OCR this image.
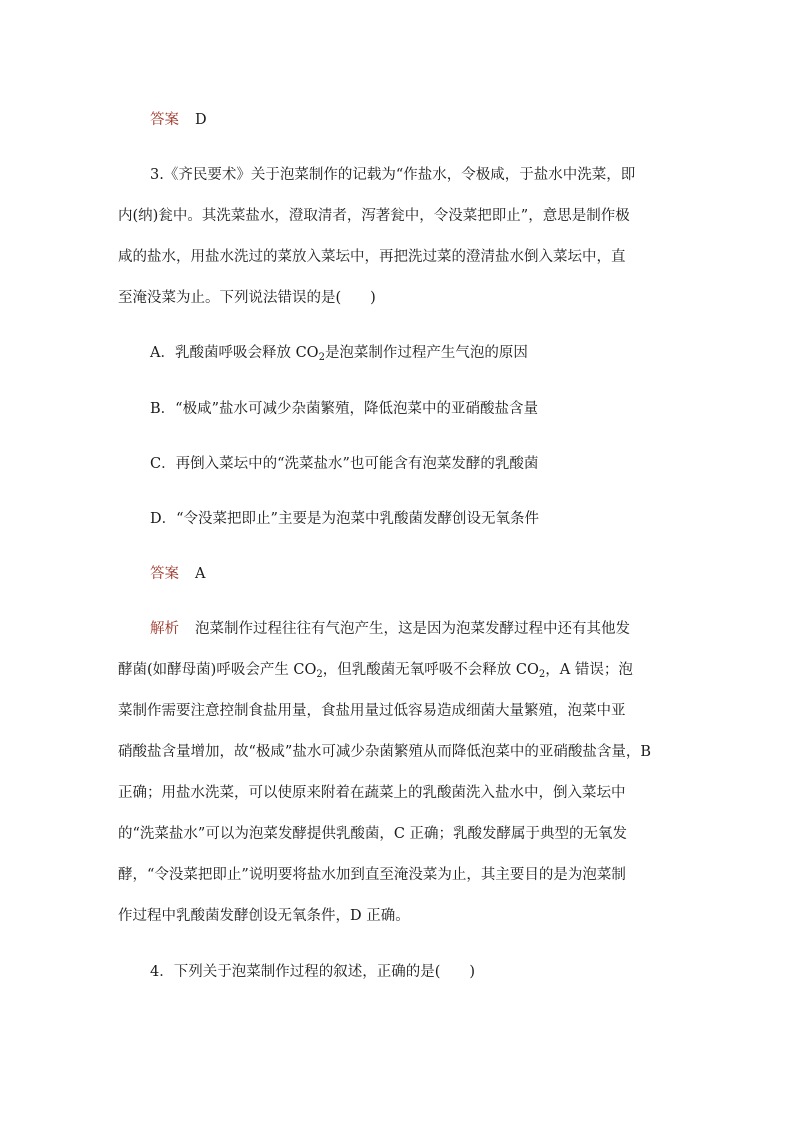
答案 D
3.《齐民要术》关于泡菜制作的记载为“作盐水，令极咸，于盐水中洗菜，即
内(纳)瓮中。其洗菜盐水，澄取清者，泻著瓮中，令没菜把即止”，意思是制作极
咸的盐水，用盐水洗过的菜放入菜坛中，再把洗过菜的澄清盐水倒入菜坛中，直
至淹没菜为止。下列说法错误的是(　　)
A．乳酸菌呼吸会释放 $CO_2$是泡菜制作过程产生气泡的原因
B．“极咸”盐水可减少杂菌繁殖，降低泡菜中的亚硝酸盐含量
C．再倒入菜坛中的“洗菜盐水”也可能含有泡菜发酵的乳酸菌
D．“令没菜把即止”主要是为泡菜中乳酸菌发酵创设无氧条件
答案 A
解析 泡菜制作过程往往有气泡产生，这是因为泡菜发酵过程中还有其他发
酵菌(如酵母菌)呼吸会产生 $CO_2$，但乳酸菌无氧呼吸不会释放 $CO_2$，A 错误；泡
菜制作需要注意控制食盐用量，食盐用量过低容易造成细菌大量繁殖，泡菜中亚
硝酸盐含量增加，故“极咸”盐水可减少杂菌繁殖从而降低泡菜中的亚硝酸盐含量，B
正确；用盐水洗菜，可以使原来附着在蔬菜上的乳酸菌洗入盐水中，倒入菜坛中
的“洗菜盐水”可以为泡菜发酵提供乳酸菌，C 正确；乳酸发酵属于典型的无氧发
酵，“令没菜把即止”说明要将盐水加到直至淹没菜为止，其主要目的是为泡菜制
作过程中乳酸菌发酵创设无氧条件，D 正确。
4．下列关于泡菜制作过程的叙述，正确的是(　　)
